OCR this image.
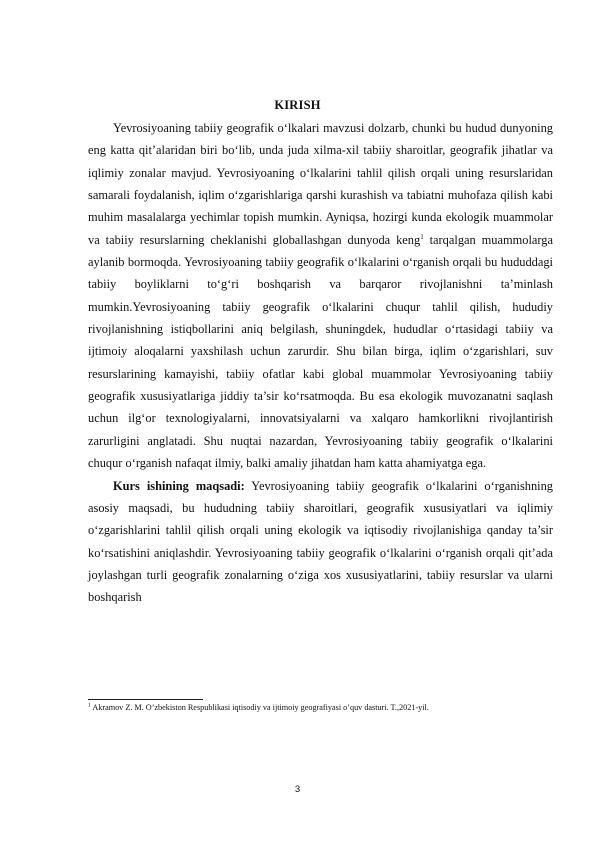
KIRISH

Yevrosiyoaning tabiiy geografik o‘lkalari mavzusi dolzarb, chunki bu hudud dunyoning eng katta qit’alaridan biri bo‘lib, unda juda xilma-xil tabiiy sharoitlar, geografik jihatlar va iqlimiy zonalar mavjud. Yevrosiyoaning o‘lkalarini tahlil qilish orqali uning resurslaridan samarali foydalanish, iqlim o‘zgarishlariga qarshi kurashish va tabiatni muhofaza qilish kabi muhim masalalarga yechimlar topish mumkin. Ayniqsa, hozirgi kunda ekologik muammolar va tabiiy resurslarning cheklanishi globallashgan dunyoda keng$^1$ tarqalgan muammolarga aylanib bormoqda. Yevrosiyoaning tabiiy geografik o‘lkalarini o‘rganish orqali bu hududdagi tabiiy boyliklarni to‘g‘ri boshqarish va barqaror rivojlanishni ta’minlash mumkin.Yevrosiyoaning tabiiy geografik o‘lkalarini chuqur tahlil qilish, hududiy rivojlanishning istiqbollarini aniq belgilash, shuningdek, hududlar o‘rtasidagi tabiiy va ijtimoiy aloqalarni yaxshilash uchun zarurdir. Shu bilan birga, iqlim o‘zgarishlari, suv resurslarining kamayishi, tabiiy ofatlar kabi global muammolar Yevrosiyoaning tabiiy geografik xususiyatlariga jiddiy ta’sir ko‘rsatmoqda. Bu esa ekologik muvozanatni saqlash uchun ilg‘or texnologiyalarni, innovatsiyalarni va xalqaro hamkorlikni rivojlantirish zarurligini anglatadi. Shu nuqtai nazardan, Yevrosiyoaning tabiiy geografik o‘lkalarini chuqur o‘rganish nafaqat ilmiy, balki amaliy jihatdan ham katta ahamiyatga ega.

Kurs ishining maqsadi: Yevrosiyoaning tabiiy geografik o‘lkalarini o‘rganishning asosiy maqsadi, bu hududning tabiiy sharoitlari, geografik xususiyatlari va iqlimiy o‘zgarishlarini tahlil qilish orqali uning ekologik va iqtisodiy rivojlanishiga qanday ta’sir ko‘rsatishini aniqlashdir. Yevrosiyoaning tabiiy geografik o‘lkalarini o‘rganish orqali qit’ada joylashgan turli geografik zonalarning o‘ziga xos xususiyatlarini, tabiiy resurslar va ularni boshqarish

$^1$ Akramov Z. M. O’zbekiston Respublikasi iqtisodiy va ijtimoiy geografiyasi o’quv dasturi. T.,2021-yil.
3
